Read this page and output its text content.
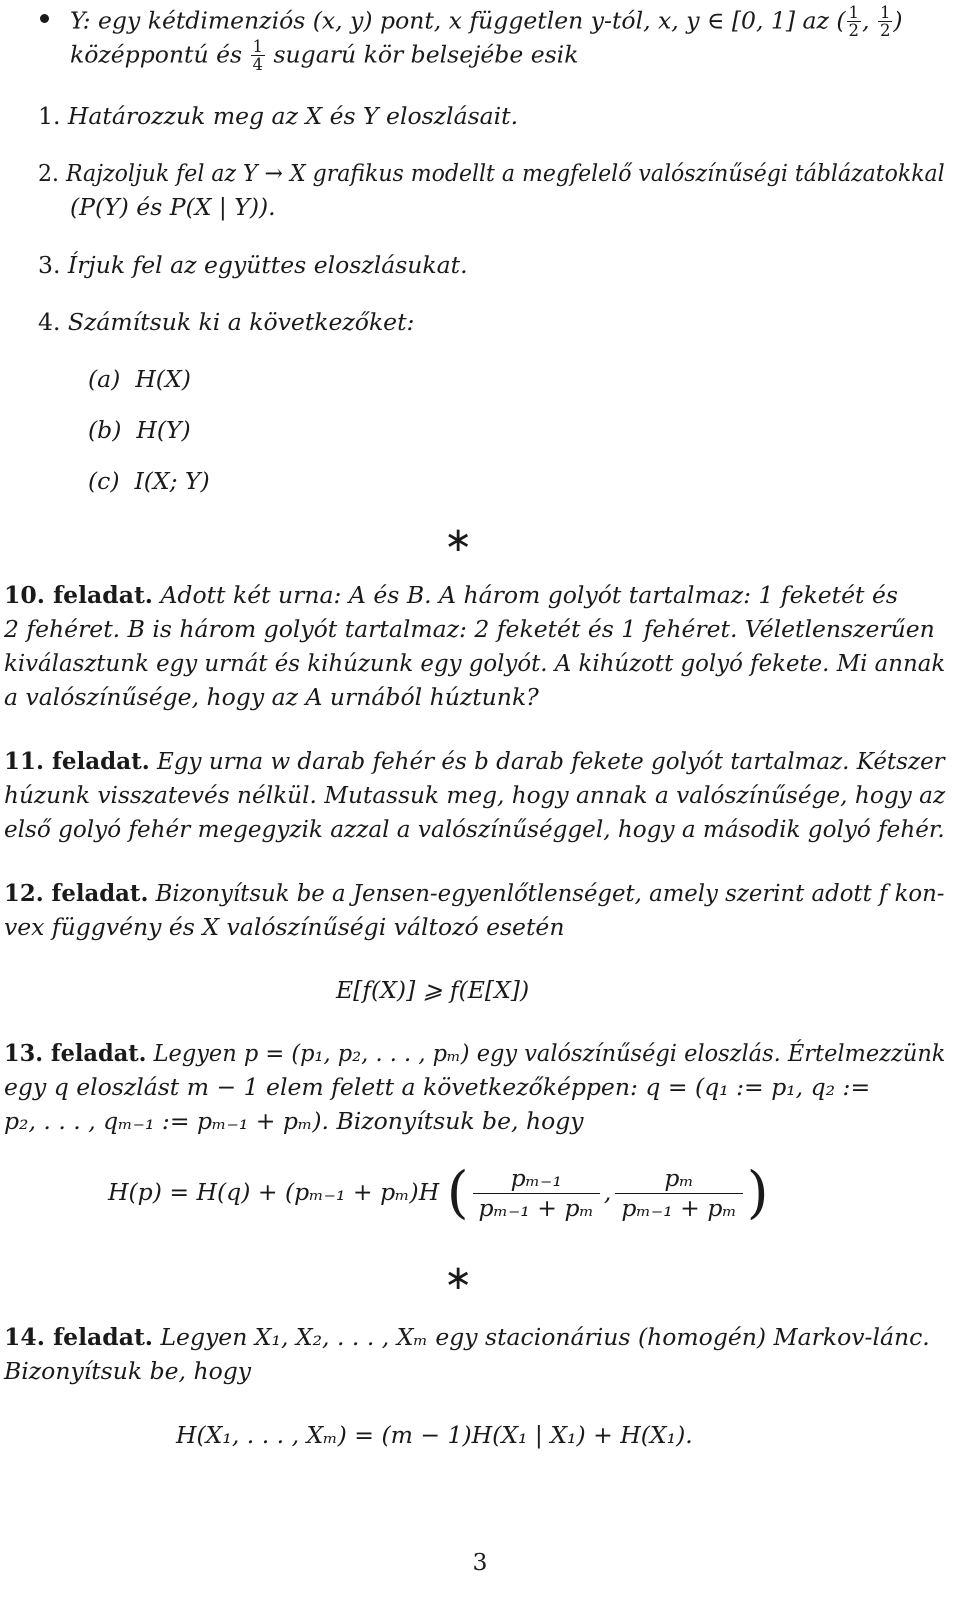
Y: egy kétdimenziós (x, y) pont, x független y-tól, x, y ∈ [0, 1] az ( $\frac{1}{2}$ , $\frac{1}{2}$ )
középpontú és $\frac{1}{4}$ sugarú kör belsejébe esik
1. Határozzuk meg az X és Y eloszlásait.
2. Rajzoljuk fel az Y → X grafikus modellt a megfelelő valószínűségi táblázatokkal
(P(Y) és P(X | Y)).
3. Írjuk fel az együttes eloszlásukat.
4. Számítsuk ki a következőket:
(a) H(X)
(b) H(Y)
(c) I(X; Y)
∗
10. feladat. Adott két urna: A és B. A három golyót tartalmaz: 1 feketét és
2 fehéret. B is három golyót tartalmaz: 2 feketét és 1 fehéret. Véletlenszerűen
kiválasztunk egy urnát és kihúzunk egy golyót. A kihúzott golyó fekete. Mi annak
a valószínűsége, hogy az A urnából húztunk?
11. feladat. Egy urna w darab fehér és b darab fekete golyót tartalmaz. Kétszer
húzunk visszatevés nélkül. Mutassuk meg, hogy annak a valószínűsége, hogy az
első golyó fehér megegyzik azzal a valószínűséggel, hogy a második golyó fehér.
12. feladat. Bizonyítsuk be a Jensen-egyenlőtlenséget, amely szerint adott f kon-
vex függvény és X valószínűségi változó esetén
E[f(X)] ⩾ f(E[X])
13. feladat. Legyen p = (p₁, p₂, . . . , pₘ) egy valószínűségi eloszlás. Értelmezzünk
egy q eloszlást m − 1 elem felett a következőképpen: q = (q₁ := p₁, q₂ :=
p₂, . . . , qₘ₋₁ := pₘ₋₁ + pₘ). Bizonyítsuk be, hogy
H(p) = H(q) + (pₘ₋₁ + pₘ)H ( $\frac{\text{pₘ₋₁}}{\text{pₘ₋₁ + pₘ}}$ , $\frac{\text{pₘ}}{\text{pₘ₋₁ + pₘ}}$ )
∗
14. feladat. Legyen X₁, X₂, . . . , Xₘ egy stacionárius (homogén) Markov-lánc.
Bizonyítsuk be, hogy
H(X₁, . . . , Xₘ) = (m − 1)H(X₁ | X₁) + H(X₁).
3
